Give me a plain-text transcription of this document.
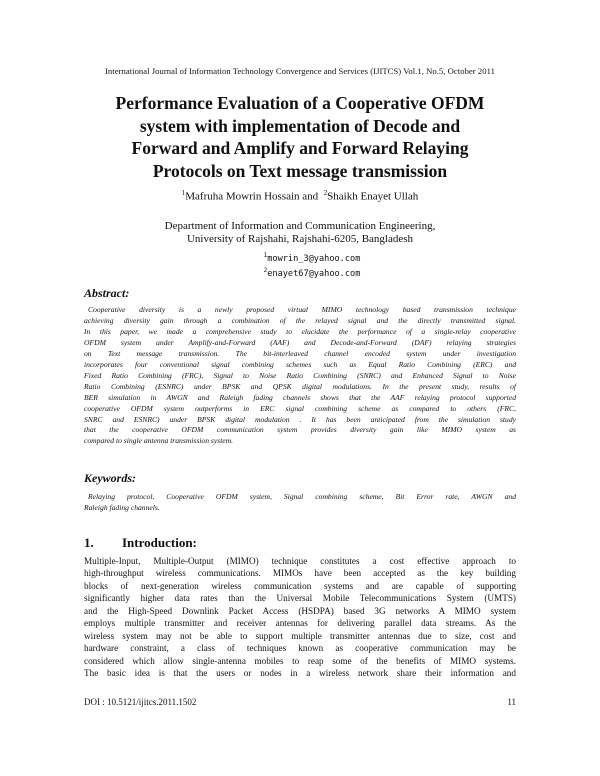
International Journal of Information Technology Convergence and Services (IJITCS) Vol.1, No.5, October 2011
Performance Evaluation of a Cooperative OFDM
system with implementation of Decode and
Forward and Amplify and Forward Relaying
Protocols on Text message transmission
$^1$Mafruha Mowrin Hossain and $^2$Shaikh Enayet Ullah
Department of Information and Communication Engineering,
University of Rajshahi, Rajshahi-6205, Bangladesh
$^1$mowrin_3@yahoo.com
$^2$enayet67@yahoo.com
Abstract:
Cooperative diversity is a newly proposed virtual MIMO technology based transmission technique
achieving diversity gain through a combination of the relayed signal and the directly transmitted signal.
In this paper, we made a comprehensive study to elucidate the performance of a single-relay cooperative
OFDM system under Amplify-and-Forward (AAF) and Decode-and-Forward (DAF) relaying strategies
on Text message transmission. The bit-interleaved channel encoded system under investigation
incorporates four conventional signal combining schemes such as Equal Ratio Combining (ERC) and
Fixed Ratio Combining (FRC), Signal to Noise Ratio Combining (SNRC) and Enhanced Signal to Noise
Ratio Combining (ESNRC) under BPSK and QPSK digital modulations. In the present study, results of
BER simulation in AWGN and Raleigh fading channels shows that the AAF relaying protocol supported
cooperative OFDM system outperforms in ERC signal combining scheme as compared to others (FRC,
SNRC and ESNRC) under BPSK digital modulation . It has been anticipated from the simulation study
that the cooperative OFDM communication system provides diversity gain like MIMO system as
compared to single antenna transmission system.
Keywords:
Relaying protocol, Cooperative OFDM system, Signal combining scheme, Bit Error rate, AWGN and
Raleigh fading channels.
1. Introduction:
Multiple-Input, Multiple-Output (MIMO) technique constitutes a cost effective approach to
high-throughput wireless communications. MIMOs have been accepted as the key building
blocks of next-generation wireless communication systems and are capable of supporting
significantly higher data rates than the Universal Mobile Telecommunications System (UMTS)
and the High-Speed Downlink Packet Access (HSDPA) based 3G networks A MIMO system
employs multiple transmitter and receiver antennas for delivering parallel data streams. As the
wireless system may not be able to support multiple transmitter antennas due to size, cost and
hardware constraint, a class of techniques known as cooperative communication may be
considered which allow single-antenna mobiles to reap some of the benefits of MIMO systems.
The basic idea is that the users or nodes in a wireless network share their information and
DOI : 10.5121/ijitcs.2011.1502	11
